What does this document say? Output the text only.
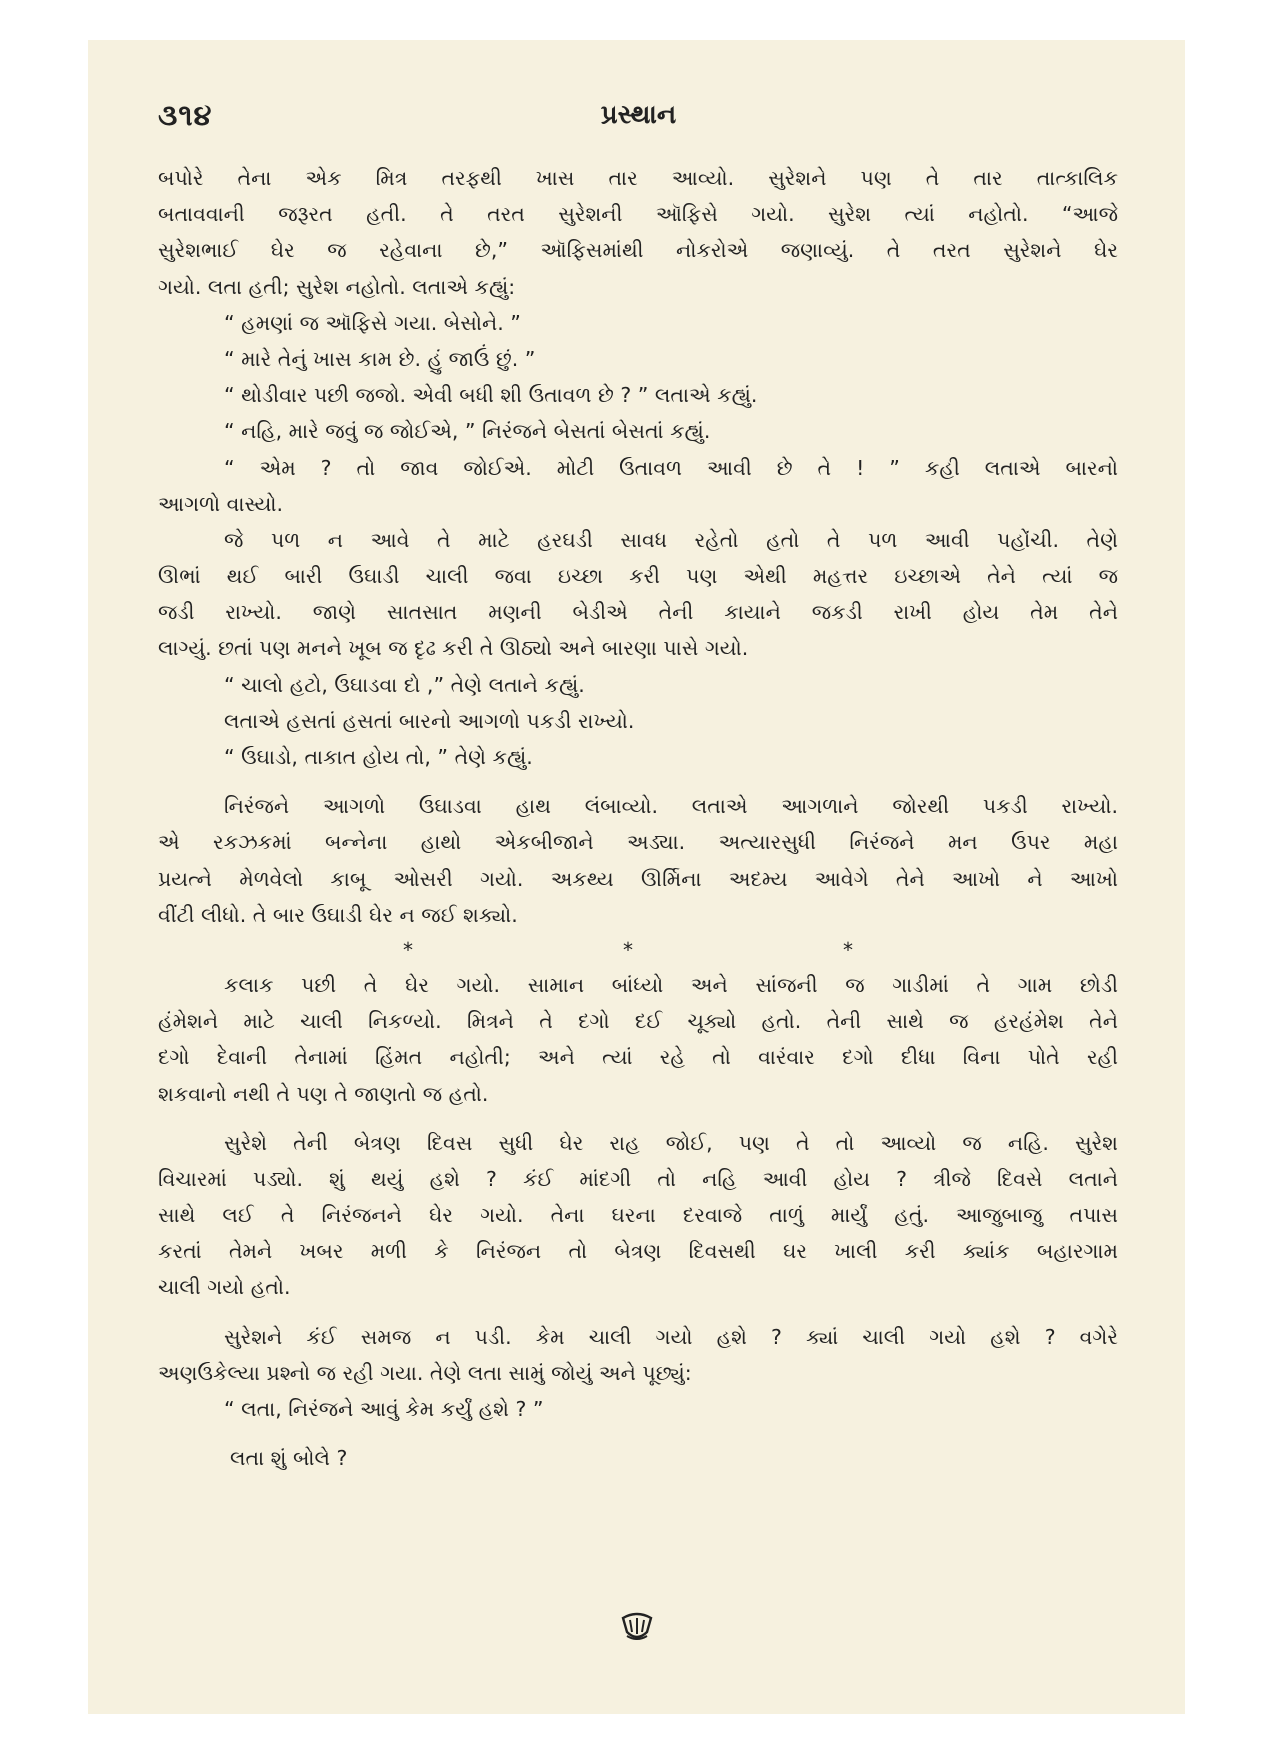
૩૧૪	પ્રસ્થાન
બપોરે તેના એક મિત્ર તરફથી ખાસ તાર આવ્યો. સુરેશને પણ તે તાર તાત્કાલિક
બતાવવાની જરૂરત હતી. તે તરત સુરેશની ઑફિસે ગયો. સુરેશ ત્યાં નહોતો. “આજે
સુરેશભાઈ ઘેર જ રહેવાના છે,” ઑફિસમાંથી નોકરોએ જણાવ્યું. તે તરત સુરેશને ઘેર
ગયો. લતા હતી; સુરેશ નહોતો. લતાએ કહ્યું:
“ હમણાં જ ઑફિસે ગયા. બેસોને. ”
“ મારે તેનું ખાસ કામ છે. હું જાઉં છું. ”
“ થોડીવાર પછી જજો. એવી બધી શી ઉતાવળ છે ? ” લતાએ કહ્યું.
“ નહિ, મારે જવું જ જોઈએ, ” નિરંજને બેસતાં બેસતાં કહ્યું.
“ એમ ? તો જાવ જોઈએ. મોટી ઉતાવળ આવી છે તે ! ” કહી લતાએ બારનો
આગળો વાસ્યો.
જે પળ ન આવે તે માટે હરઘડી સાવધ રહેતો હતો તે પળ આવી પહોંચી. તેણે
ઊભાં થઈ બારી ઉઘાડી ચાલી જવા ઇચ્છા કરી પણ એથી મહત્તર ઇચ્છાએ તેને ત્યાં જ
જડી રાખ્યો. જાણે સાતસાત મણની બેડીએ તેની કાયાને જકડી રાખી હોય તેમ તેને
લાગ્યું. છતાં પણ મનને ખૂબ જ દૃઢ કરી તે ઊઠ્યો અને બારણા પાસે ગયો.
“ ચાલો હટો, ઉઘાડવા દો ,” તેણે લતાને કહ્યું.
લતાએ હસતાં હસતાં બારનો આગળો પકડી રાખ્યો.
“ ઉઘાડો, તાકાત હોય તો, ” તેણે કહ્યું.
નિરંજને આગળો ઉઘાડવા હાથ લંબાવ્યો. લતાએ આગળાને જોરથી પકડી રાખ્યો.
એ રકઝકમાં બન્નેના હાથો એકબીજાને અડ્યા. અત્યારસુધી નિરંજને મન ઉપર મહા
પ્રયત્ને મેળવેલો કાબૂ ઓસરી ગયો. અકથ્ય ઊર્મિના અદમ્ય આવેગે તેને આખો ને આખો
વીંટી લીધો. તે બાર ઉઘાડી ઘેર ન જઈ શક્યો.
*	*	*
કલાક પછી તે ઘેર ગયો. સામાન બાંધ્યો અને સાંજની જ ગાડીમાં તે ગામ છોડી
હંમેશને માટે ચાલી નિકળ્યો. મિત્રને તે દગો દઈ ચૂક્યો હતો. તેની સાથે જ હરહંમેશ તેને
દગો દેવાની તેનામાં હિંમત નહોતી; અને ત્યાં રહે તો વારંવાર દગો દીધા વિના પોતે રહી
શકવાનો નથી તે પણ તે જાણતો જ હતો.
સુરેશે તેની બેત્રણ દિવસ સુધી ઘેર રાહ જોઈ, પણ તે તો આવ્યો જ નહિ. સુરેશ
વિચારમાં પડ્યો. શું થયું હશે ? કંઈ માંદગી તો નહિ આવી હોય ? ત્રીજે દિવસે લતાને
સાથે લઈ તે નિરંજનને ઘેર ગયો. તેના ઘરના દરવાજે તાળું માર્યું હતું. આજુબાજુ તપાસ
કરતાં તેમને ખબર મળી કે નિરંજન તો બેત્રણ દિવસથી ઘર ખાલી કરી ક્યાંક બહારગામ
ચાલી ગયો હતો.
સુરેશને કંઈ સમજ ન પડી. કેમ ચાલી ગયો હશે ? ક્યાં ચાલી ગયો હશે ? વગેરે
અણઉકેલ્યા પ્રશ્નો જ રહી ગયા. તેણે લતા સામું જોયું અને પૂછ્યું:
“ લતા, નિરંજને આવું કેમ કર્યું હશે ? ”
લતા શું બોલે ?
